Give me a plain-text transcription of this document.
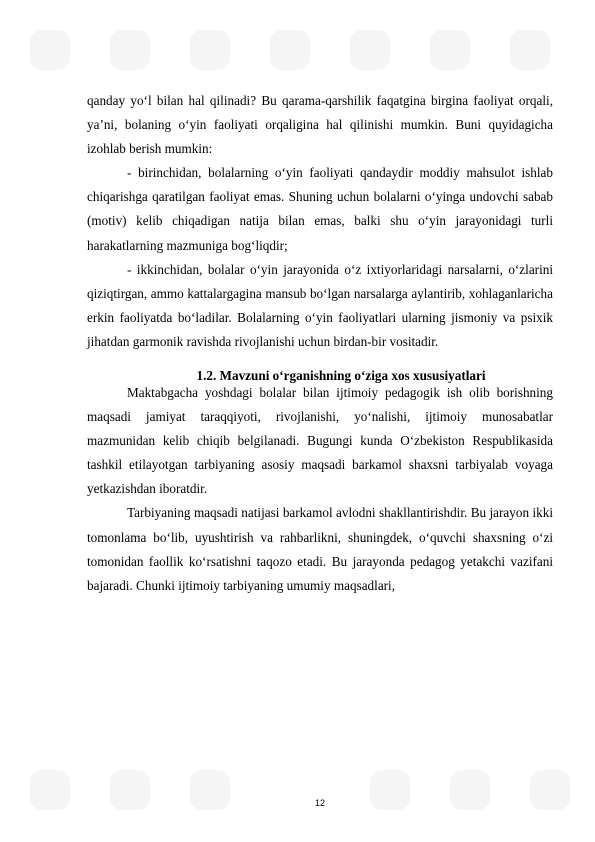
qanday yo‘l bilan hal qilinadi? Bu qarama-qarshilik faqatgina birgina faoliyat orqali, ya’ni, bolaning o‘yin faoliyati orqaligina hal qilinishi mumkin. Buni quyidagicha izohlab berish mumkin:

- birinchidan, bolalarning o‘yin faoliyati qandaydir moddiy mahsulot ishlab chiqarishga qaratilgan faoliyat emas. Shuning uchun bolalarni o‘yinga undovchi sabab (motiv) kelib chiqadigan natija bilan emas, balki shu o‘yin jarayonidagi turli harakatlarning mazmuniga bog‘liqdir;

- ikkinchidan, bolalar o‘yin jarayonida o‘z ixtiyorlaridagi narsalarni, o‘zlarini qiziqtirgan, ammo kattalargagina mansub bo‘lgan narsalarga aylantirib, xohlaganlaricha erkin faoliyatda bo‘ladilar. Bolalarning o‘yin faoliyatlari ularning jismoniy va psixik jihatdan garmonik ravishda rivojlanishi uchun birdan-bir vositadir.

1.2. Mavzuni o‘rganishning o‘ziga xos xususiyatlari

Maktabgacha yoshdagi bolalar bilan ijtimoiy pedagogik ish olib borishning maqsadi jamiyat taraqqiyoti, rivojlanishi, yo‘nalishi, ijtimoiy munosabatlar mazmunidan kelib chiqib belgilanadi. Bugungi kunda O‘zbekiston Respublikasida tashkil etilayotgan tarbiyaning asosiy maqsadi barkamol shaxsni tarbiyalab voyaga yetkazishdan iboratdir.

Tarbiyaning maqsadi natijasi barkamol avlodni shakllantirishdir. Bu jarayon ikki tomonlama bo‘lib, uyushtirish va rahbarlikni, shuningdek, o‘quvchi shaxsning o‘zi tomonidan faollik ko‘rsatishni taqozo etadi. Bu jarayonda pedagog yetakchi vazifani bajaradi. Chunki ijtimoiy tarbiyaning umumiy maqsadlari,

12
